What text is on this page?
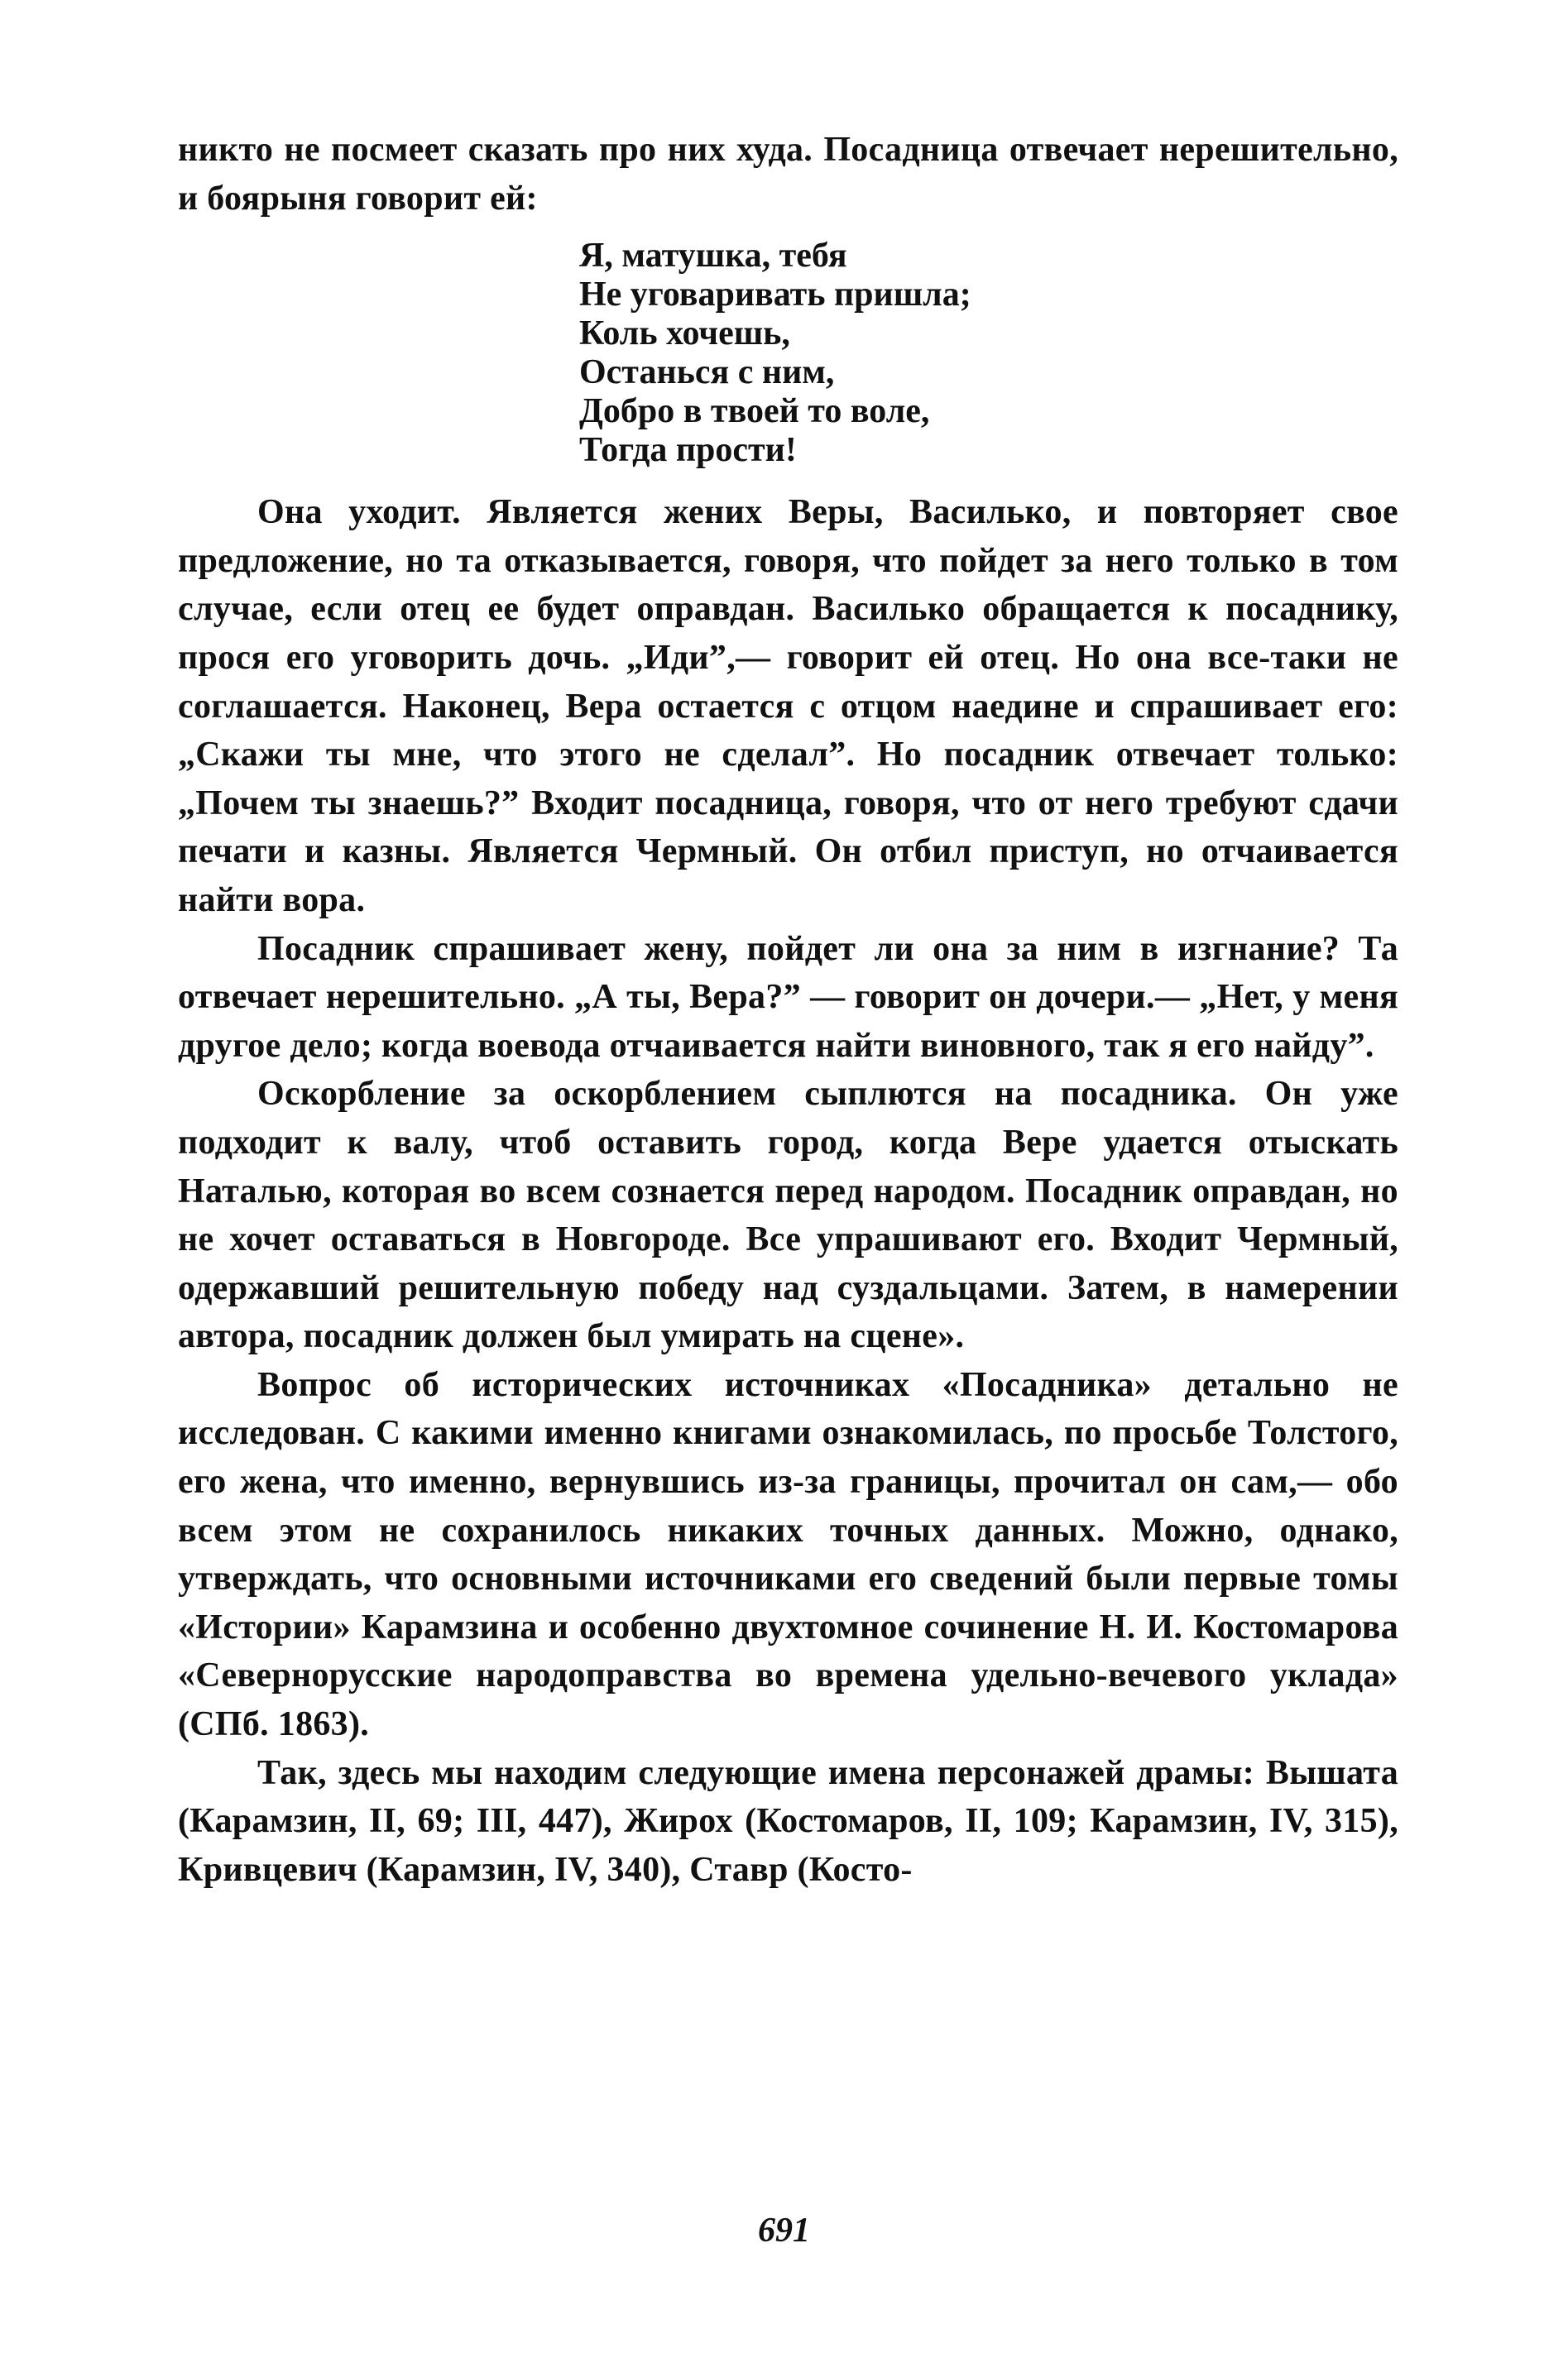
никто не посмеет сказать про них худа. Посадница отвечает нерешительно, и боярыня говорит ей:

Я, матушка, тебя
Не уговаривать пришла;
Коль хочешь,
Останься с ним,
Добро в твоей то воле,
Тогда прости!

Она уходит. Является жених Веры, Василько, и повторяет свое предложение, но та отказывается, говоря, что пойдет за него только в том случае, если отец ее будет оправдан. Василько обращается к посаднику, прося его уговорить дочь. „Иди”,— говорит ей отец. Но она все-таки не соглашается. Наконец, Вера остается с отцом наедине и спрашивает его: „Скажи ты мне, что этого не сделал”. Но посадник отвечает только: „Почем ты знаешь?” Входит посадница, говоря, что от него требуют сдачи печати и казны. Является Чермный. Он отбил приступ, но отчаивается найти вора.

Посадник спрашивает жену, пойдет ли она за ним в изгнание? Та отвечает нерешительно. „А ты, Вера?” — говорит он дочери.— „Нет, у меня другое дело; когда воевода отчаивается найти виновного, так я его найду”.

Оскорбление за оскорблением сыплются на посадника. Он уже подходит к валу, чтоб оставить город, когда Вере удается отыскать Наталью, которая во всем сознается перед народом. Посадник оправдан, но не хочет оставаться в Новгороде. Все упрашивают его. Входит Чермный, одержавший решительную победу над суздальцами. Затем, в намерении автора, посадник должен был умирать на сцене».

Вопрос об исторических источниках «Посадника» детально не исследован. С какими именно книгами ознакомилась, по просьбе Толстого, его жена, что именно, вернувшись из-за границы, прочитал он сам,— обо всем этом не сохранилось никаких точных данных. Можно, однако, утверждать, что основными источниками его сведений были первые томы «Истории» Карамзина и особенно двухтомное сочинение Н. И. Костомарова «Севернорусские народоправства во времена удельно-вечевого уклада» (СПб. 1863).

Так, здесь мы находим следующие имена персонажей драмы: Вышата (Карамзин, II, 69; III, 447), Жирох (Костомаров, II, 109; Карамзин, IV, 315), Кривцевич (Карамзин, IV, 340), Ставр (Косто-

691
